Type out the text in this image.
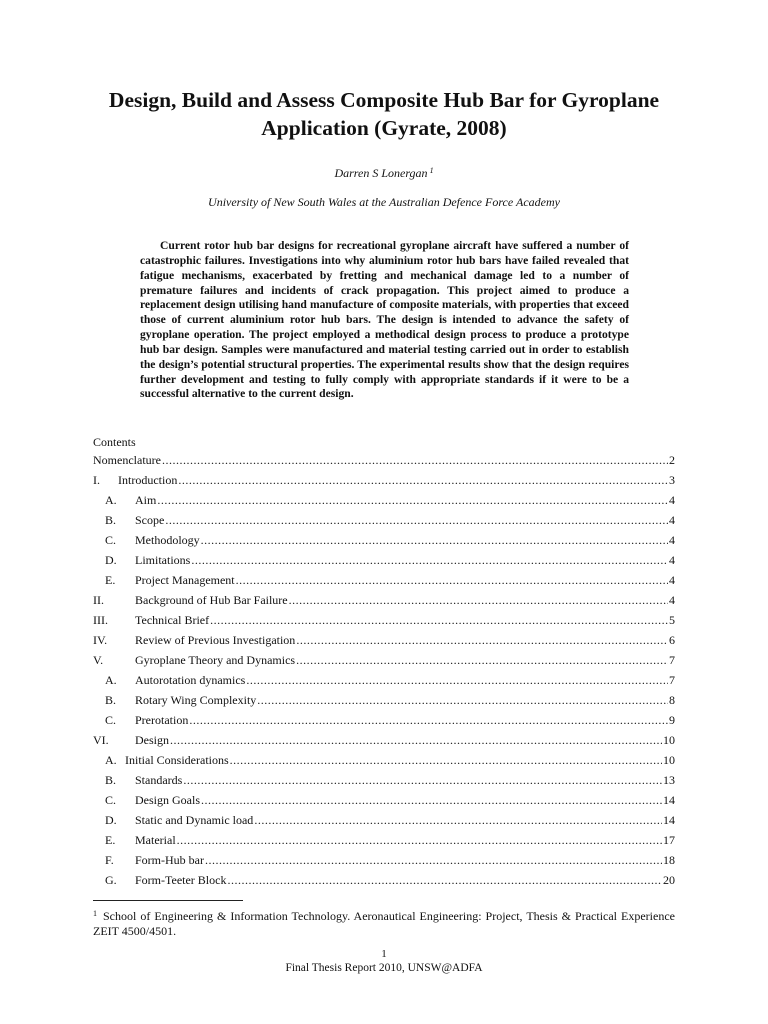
Design, Build and Assess Composite Hub Bar for Gyroplane Application (Gyrate, 2008)
Darren S Lonergan $^1$
University of New South Wales at the Australian Defence Force Academy

Current rotor hub bar designs for recreational gyroplane aircraft have suffered a number of catastrophic failures. Investigations into why aluminium rotor hub bars have failed revealed that fatigue mechanisms, exacerbated by fretting and mechanical damage led to a number of premature failures and incidents of crack propagation. This project aimed to produce a replacement design utilising hand manufacture of composite materials, with properties that exceed those of current aluminium rotor hub bars. The design is intended to advance the safety of gyroplane operation. The project employed a methodical design process to produce a prototype hub bar design. Samples were manufactured and material testing carried out in order to establish the design’s potential structural properties. The experimental results show that the design requires further development and testing to fully comply with appropriate standards if it were to be a successful alternative to the current design.

Contents
Nomenclature .....	2
I.	Introduction .....	3
A.	Aim .....	4
B.	Scope .....	4
C.	Methodology .....	4
D.	Limitations .....	4
E.	Project Management .....	4
II.	Background of Hub Bar Failure .....	4
III.	Technical Brief .....	5
IV.	Review of Previous Investigation .....	6
V.	Gyroplane Theory and Dynamics .....	7
A.	Autorotation dynamics .....	7
B.	Rotary Wing Complexity .....	8
C.	Prerotation .....	9
VI.	Design .....	10
A. Initial Considerations .....	10
B.	Standards .....	13
C.	Design Goals .....	14
D.	Static and Dynamic load .....	14
E.	Material .....	17
F.	Form-Hub bar .....	18
G.	Form-Teeter Block .....	20

$^1$ School of Engineering & Information Technology. Aeronautical Engineering: Project, Thesis & Practical Experience ZEIT 4500/4501.

1
Final Thesis Report 2010, UNSW@ADFA
